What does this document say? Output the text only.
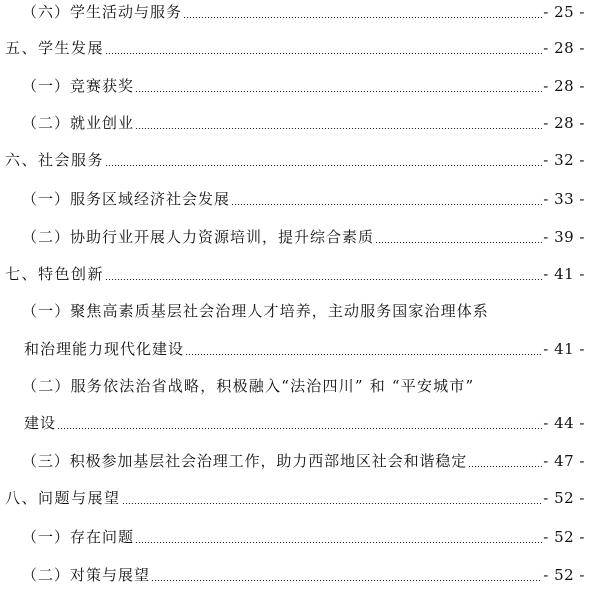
（六）学生活动与服务	- 25 -
五、学生发展	- 28 -
（一）竞赛获奖	- 28 -
（二）就业创业	- 28 -
六、社会服务	- 32 -
（一）服务区域经济社会发展	- 33 -
（二）协助行业开展人力资源培训，提升综合素质	- 39 -
七、特色创新	- 41 -
（一）聚焦高素质基层社会治理人才培养，主动服务国家治理体系
和治理能力现代化建设	- 41 -
（二）服务依法治省战略，积极融入“法治四川” 和 “平安城市”
建设	- 44 -
（三）积极参加基层社会治理工作，助力西部地区社会和谐稳定	- 47 -
八、问题与展望	- 52 -
（一）存在问题	- 52 -
（二）对策与展望	- 52 -
